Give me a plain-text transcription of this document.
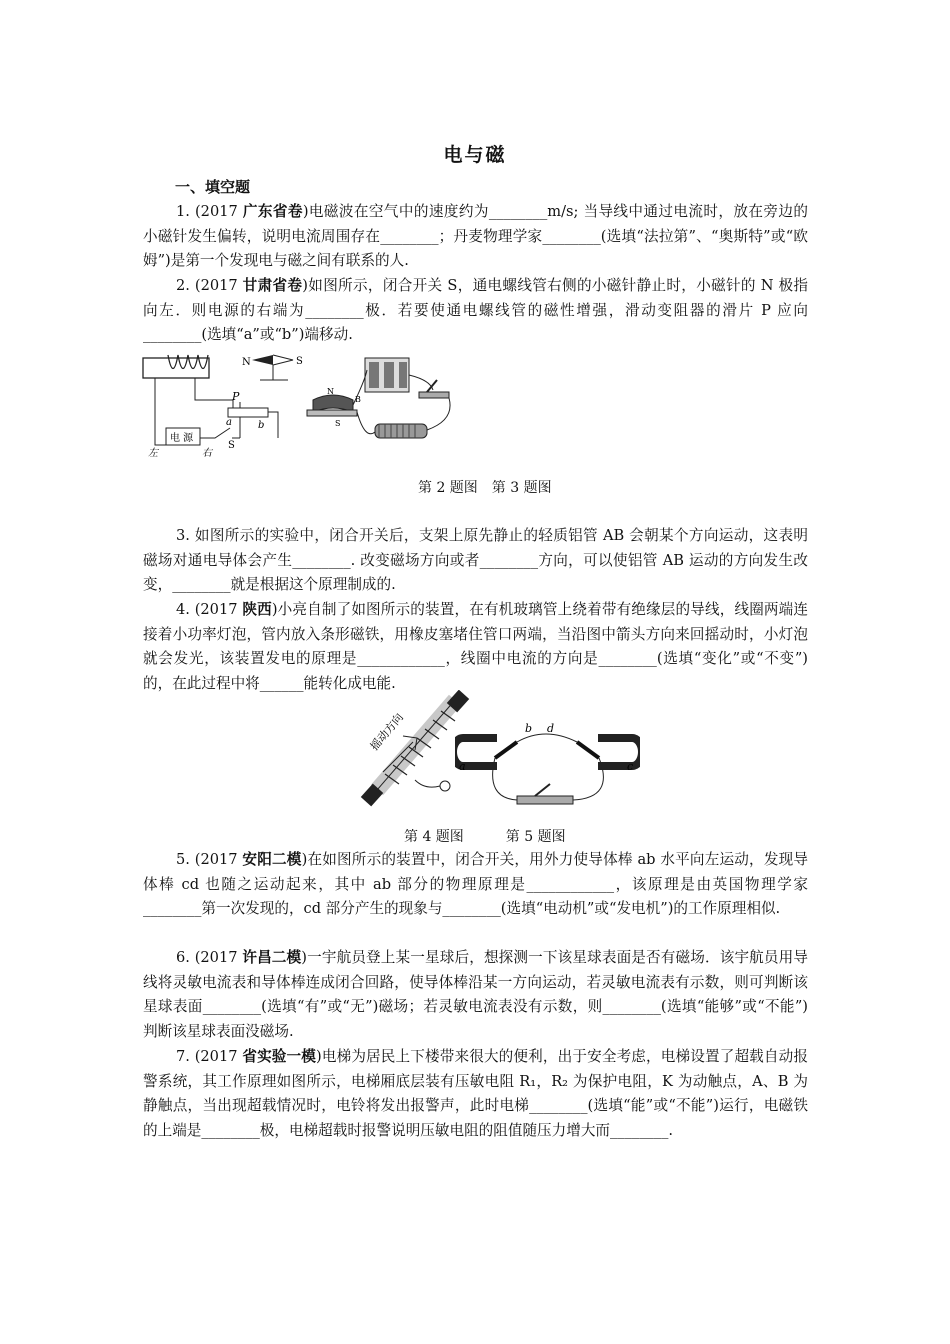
电与磁
一、填空题

1. (2017 广东省卷)电磁波在空气中的速度约为________m/s; 当导线中通过电流时，放在旁边的小磁针发生偏转，说明电流周围存在________；丹麦物理学家________(选填“法拉第”、“奥斯特”或“欧姆”)是第一个发现电与磁之间有联系的人.

2. (2017 甘肃省卷)如图所示，闭合开关 S，通电螺线管右侧的小磁针静止时，小磁针的 N 极指向左．则电源的右端为________极．若要使通电螺线管的磁性增强，滑动变阻器的滑片 P 应向________(选填“a”或“b”)端移动.

电 源
P
a	b
S
左	右
N	S
N
B
S
第 2 题图　第 3 题图

3. 如图所示的实验中，闭合开关后，支架上原先静止的轻质铝管 AB 会朝某个方向运动，这表明磁场对通电导体会产生________. 改变磁场方向或者________方向，可以使铝管 AB 运动的方向发生改变，________就是根据这个原理制成的.

4. (2017 陕西)小亮自制了如图所示的装置，在有机玻璃管上绕着带有绝缘层的导线，线圈两端连接着小功率灯泡，管内放入条形磁铁，用橡皮塞堵住管口两端，当沿图中箭头方向来回摇动时，小灯泡就会发光，该装置发电的原理是____________，线圈中电流的方向是________(选填“变化”或“不变”)的，在此过程中将______能转化成电能.

摇动方向	b d
a	c
第 4 题图　　　第 5 题图

5. (2017 安阳二模)在如图所示的装置中，闭合开关，用外力使导体棒 ab 水平向左运动，发现导体棒 cd 也随之运动起来，其中 ab 部分的物理原理是____________，该原理是由英国物理学家________第一次发现的，cd 部分产生的现象与________(选填“电动机”或“发电机”)的工作原理相似.

6. (2017 许昌二模)一宇航员登上某一星球后，想探测一下该星球表面是否有磁场．该宇航员用导线将灵敏电流表和导体棒连成闭合回路，使导体棒沿某一方向运动，若灵敏电流表有示数，则可判断该星球表面________(选填“有”或“无”)磁场；若灵敏电流表没有示数，则________(选填“能够”或“不能”)判断该星球表面没磁场.

7. (2017 省实验一模)电梯为居民上下楼带来很大的便利，出于安全考虑，电梯设置了超载自动报警系统，其工作原理如图所示，电梯厢底层装有压敏电阻 R₁，R₂ 为保护电阻，K 为动触点，A、B 为静触点，当出现超载情况时，电铃将发出报警声，此时电梯________(选填“能”或“不能”)运行，电磁铁的上端是________极，电梯超载时报警说明压敏电阻的阻值随压力增大而________.
